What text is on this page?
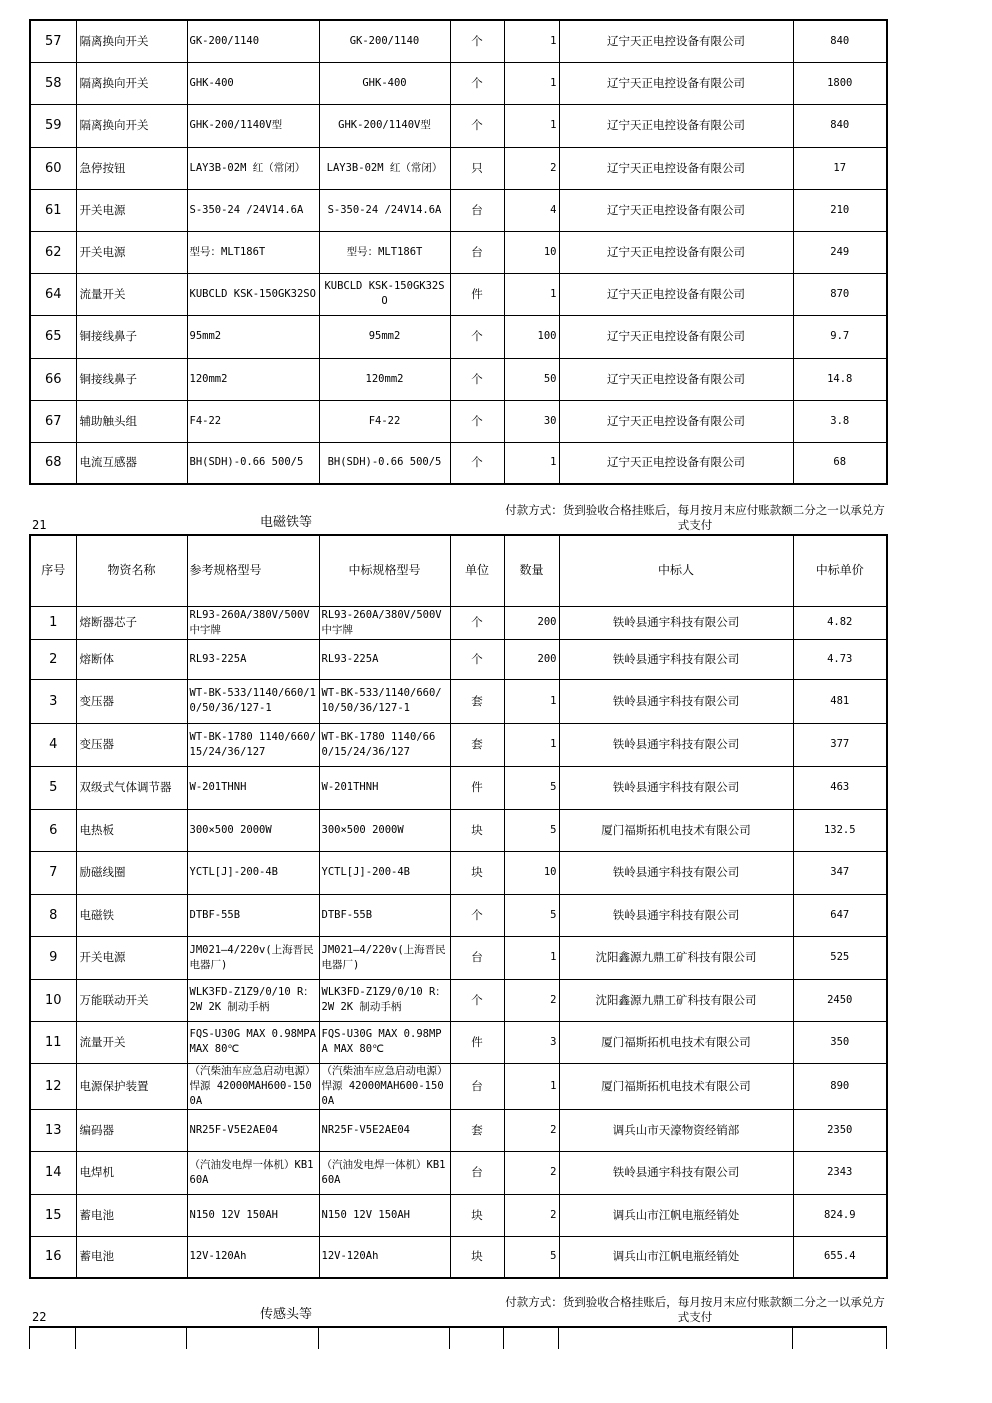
57	隔离换向开关	GK-200/1140	GK-200/1140	个	1	辽宁天正电控设备有限公司	840
58	隔离换向开关	GHK-400	GHK-400	个	1	辽宁天正电控设备有限公司	1800
59	隔离换向开关	GHK-200/1140V型	GHK-200/1140V型	个	1	辽宁天正电控设备有限公司	840
60	急停按钮	LAY3B-02M 红（常闭）	LAY3B-02M 红（常闭）	只	2	辽宁天正电控设备有限公司	17
61	开关电源	S-350-24 /24V14.6A	S-350-24 /24V14.6A	台	4	辽宁天正电控设备有限公司	210
62	开关电源	型号：MLT186T	型号：MLT186T	台	10	辽宁天正电控设备有限公司	249
64	流量开关	KUBCLD KSK-150GK32SO	KUBCLD KSK-150GK32SO	件	1	辽宁天正电控设备有限公司	870
65	铜接线鼻子	95mm2	95mm2	个	100	辽宁天正电控设备有限公司	9.7
66	铜接线鼻子	120mm2	120mm2	个	50	辽宁天正电控设备有限公司	14.8
67	辅助触头组	F4-22	F4-22	个	30	辽宁天正电控设备有限公司	3.8
68	电流互感器	BH(SDH)-0.66 500/5	BH(SDH)-0.66 500/5	个	1	辽宁天正电控设备有限公司	68
21	电磁铁等
付款方式：货到验收合格挂账后，每月按月末应付账款额二分之一以承兑方式支付
序号	物资名称	参考规格型号	中标规格型号	单位	数量	中标人	中标单价
1	熔断器芯子	RL93-260A/380V/500V 中宇牌	RL93-260A/380V/500V 中宇牌	个	200	铁岭县通宇科技有限公司	4.82
2	熔断体	RL93-225A	RL93-225A	个	200	铁岭县通宇科技有限公司	4.73
3	变压器	WT-BK-533/1140/660/10/50/36/127-1	WT-BK-533/1140/660/10/50/36/127-1	套	1	铁岭县通宇科技有限公司	481
4	变压器	WT-BK-1780 1140/660/15/24/36/127	WT-BK-1780 1140/660/15/24/36/127	套	1	铁岭县通宇科技有限公司	377
5	双级式气体调节器	W-201THNH	W-201THNH	件	5	铁岭县通宇科技有限公司	463
6	电热板	300×500 2000W	300×500 2000W	块	5	厦门福斯拓机电技术有限公司	132.5
7	励磁线圈	YCTL[J]-200-4B	YCTL[J]-200-4B	块	10	铁岭县通宇科技有限公司	347
8	电磁铁	DTBF-55B	DTBF-55B	个	5	铁岭县通宇科技有限公司	647
9	开关电源	JM021—4/220v(上海晋民电器厂)	JM021—4/220v(上海晋民电器厂)	台	1	沈阳鑫源九鼎工矿科技有限公司	525
10	万能联动开关	WLK3FD-Z1Z9/0/10 R：2W 2K 制动手柄	WLK3FD-Z1Z9/0/10 R：2W 2K 制动手柄	个	2	沈阳鑫源九鼎工矿科技有限公司	2450
11	流量开关	FQS-U30G MAX 0.98MPA MAX 80℃	FQS-U30G MAX 0.98MPA MAX 80℃	件	3	厦门福斯拓机电技术有限公司	350
12	电源保护装置	（汽柴油车应急启动电源）悍源 42000MAH600-1500A	（汽柴油车应急启动电源）悍源 42000MAH600-1500A	台	1	厦门福斯拓机电技术有限公司	890
13	编码器	NR25F-V5E2AE04	NR25F-V5E2AE04	套	2	调兵山市天濠物资经销部	2350
14	电焊机	（汽油发电焊一体机）KB160A	（汽油发电焊一体机）KB160A	台	2	铁岭县通宇科技有限公司	2343
15	蓄电池	N150 12V 150AH	N150 12V 150AH	块	2	调兵山市江帆电瓶经销处	824.9
16	蓄电池	12V-120Ah	12V-120Ah	块	5	调兵山市江帆电瓶经销处	655.4
22	传感头等
付款方式：货到验收合格挂账后，每月按月末应付账款额二分之一以承兑方式支付
